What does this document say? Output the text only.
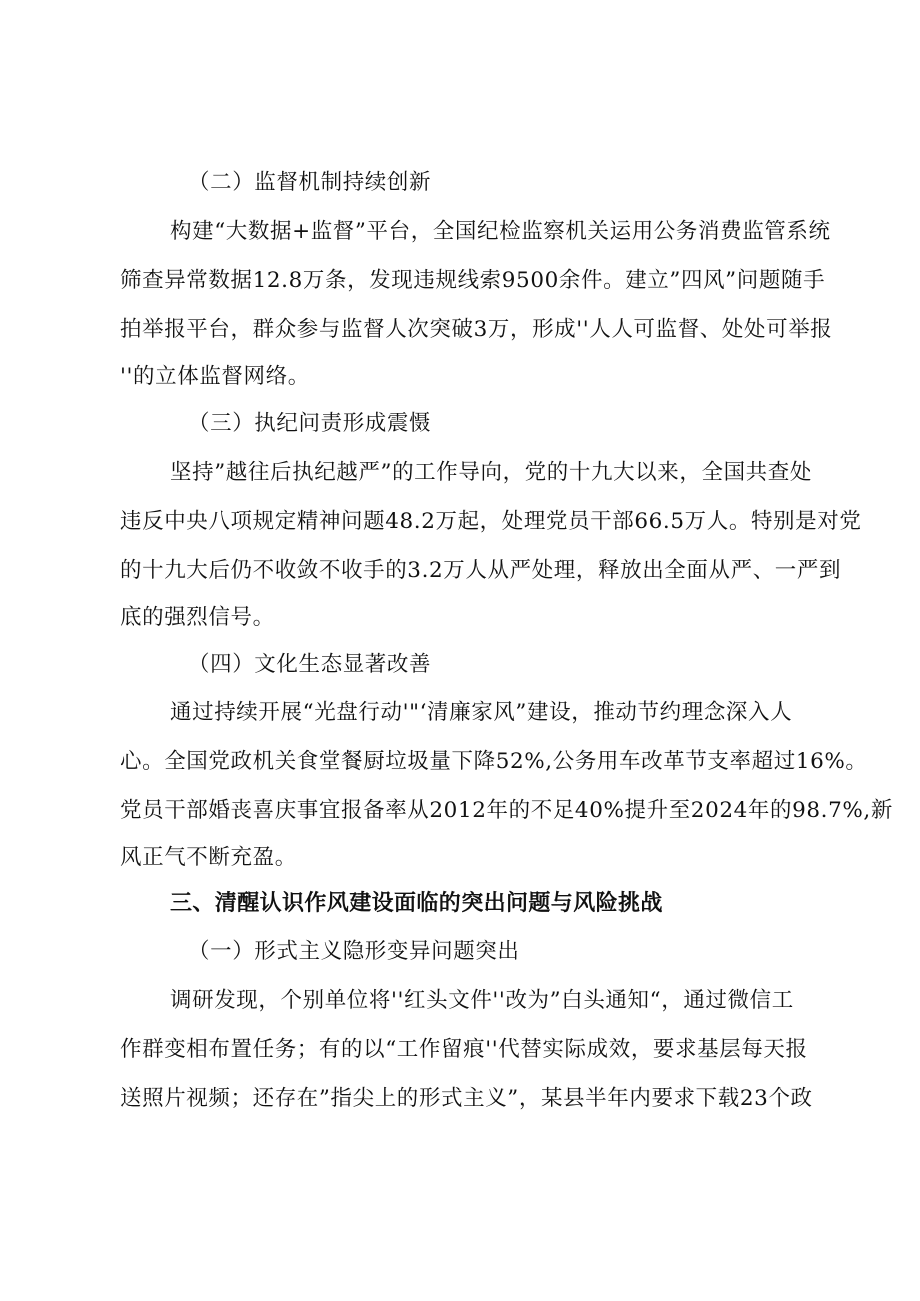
（二）监督机制持续创新

构建“大数据+监督”平台，全国纪检监察机关运用公务消费监管系统

筛查异常数据12.8万条，发现违规线索9500余件。建立”四风”问题随手

拍举报平台，群众参与监督人次突破3万，形成''人人可监督、处处可举报

''的立体监督网络。

（三）执纪问责形成震慑

坚持”越往后执纪越严”的工作导向，党的十九大以来，全国共查处

违反中央八项规定精神问题48.2万起，处理党员干部66.5万人。特别是对党

的十九大后仍不收敛不收手的3.2万人从严处理，释放出全面从严、一严到

底的强烈信号。

（四）文化生态显著改善

通过持续开展“光盘行动'"‘清廉家风”建设，推动节约理念深入人

心。全国党政机关食堂餐厨垃圾量下降52%,公务用车改革节支率超过16%。

党员干部婚丧喜庆事宜报备率从2012年的不足40%提升至2024年的98.7%,新

风正气不断充盈。

三、清醒认识作风建设面临的突出问题与风险挑战

（一）形式主义隐形变异问题突出

调研发现，个别单位将''红头文件''改为”白头通知“，通过微信工

作群变相布置任务；有的以“工作留痕''代替实际成效，要求基层每天报

送照片视频；还存在”指尖上的形式主义”，某县半年内要求下载23个政
